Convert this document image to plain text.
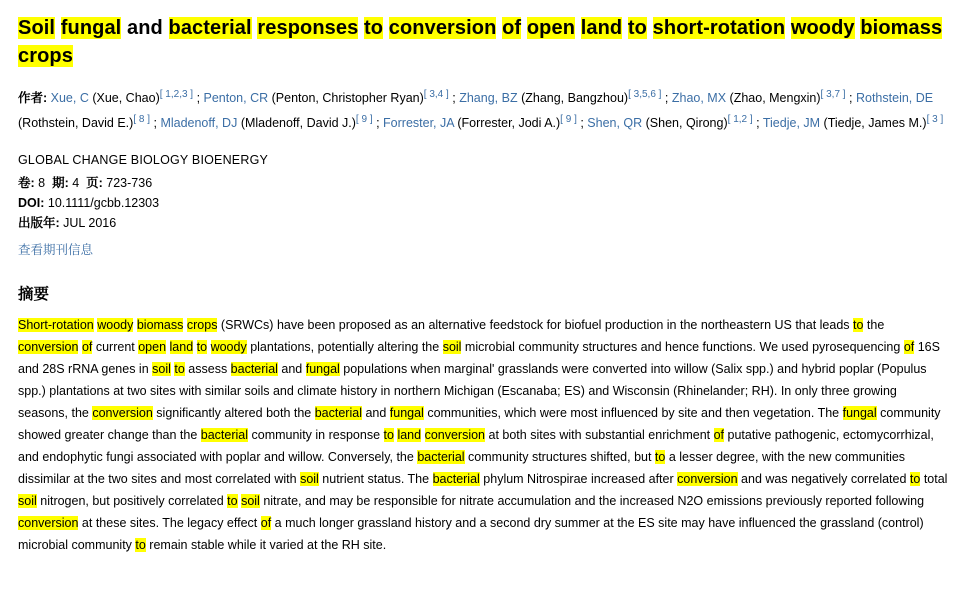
Soil fungal and bacterial responses to conversion of open land to short-rotation woody biomass crops
作者: Xue, C (Xue, Chao)[ 1,2,3 ] ; Penton, CR (Penton, Christopher Ryan)[ 3,4 ] ; Zhang, BZ (Zhang, Bangzhou)[ 3,5,6 ] ; Zhao, MX (Zhao, Mengxin)[ 3,7 ] ; Rothstein, DE (Rothstein, David E.)[ 8 ] ; Mladenoff, DJ (Mladenoff, David J.)[ 9 ] ; Forrester, JA (Forrester, Jodi A.)[ 9 ] ; Shen, QR (Shen, Qirong)[ 1,2 ] ; Tiedje, JM (Tiedje, James M.)[ 3 ]
GLOBAL CHANGE BIOLOGY BIOENERGY
卷: 8 期: 4 页: 723-736
DOI: 10.1111/gcbb.12303
出版年: JUL 2016
查看期刊信息
摘要
Short-rotation woody biomass crops (SRWCs) have been proposed as an alternative feedstock for biofuel production in the northeastern US that leads to the conversion of current open land to woody plantations, potentially altering the soil microbial community structures and hence functions. We used pyrosequencing of 16S and 28S rRNA genes in soil to assess bacterial and fungal populations when marginal' grasslands were converted into willow (Salix spp.) and hybrid poplar (Populus spp.) plantations at two sites with similar soils and climate history in northern Michigan (Escanaba; ES) and Wisconsin (Rhinelander; RH). In only three growing seasons, the conversion significantly altered both the bacterial and fungal communities, which were most influenced by site and then vegetation. The fungal community showed greater change than the bacterial community in response to land conversion at both sites with substantial enrichment of putative pathogenic, ectomycorrhizal, and endophytic fungi associated with poplar and willow. Conversely, the bacterial community structures shifted, but to a lesser degree, with the new communities dissimilar at the two sites and most correlated with soil nutrient status. The bacterial phylum Nitrospirae increased after conversion and was negatively correlated to total soil nitrogen, but positively correlated to soil nitrate, and may be responsible for nitrate accumulation and the increased N2O emissions previously reported following conversion at these sites. The legacy effect of a much longer grassland history and a second dry summer at the ES site may have influenced the grassland (control) microbial community to remain stable while it varied at the RH site.
